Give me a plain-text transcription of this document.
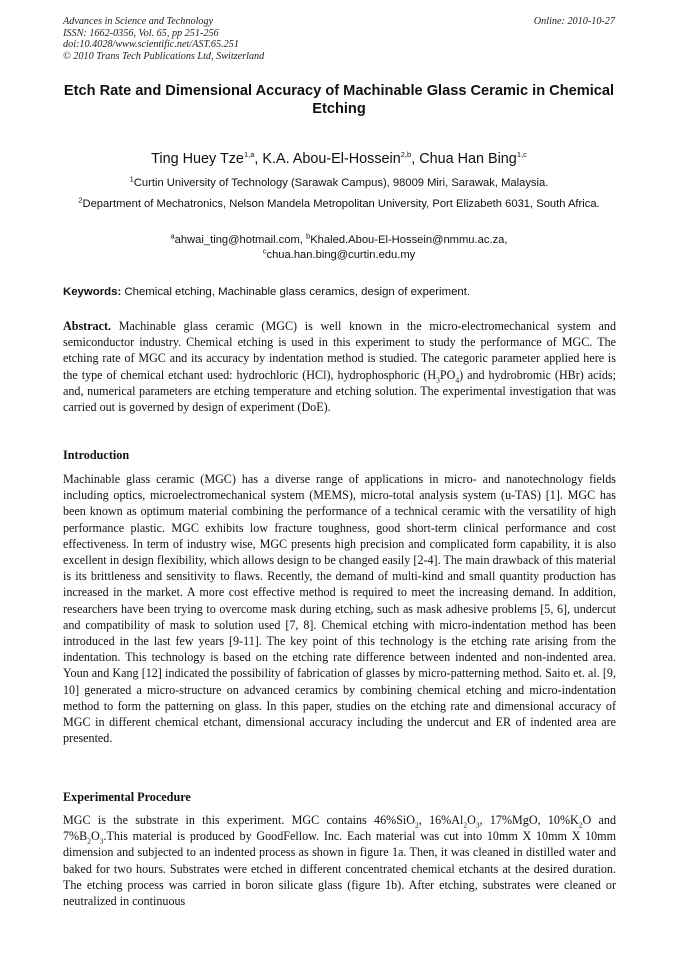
Advances in Science and Technology
ISSN: 1662-0356, Vol. 65, pp 251-256
doi:10.4028/www.scientific.net/AST.65.251
© 2010 Trans Tech Publications Ltd, Switzerland
Online: 2010-10-27
Etch Rate and Dimensional Accuracy of Machinable Glass Ceramic in Chemical Etching
Ting Huey Tze$^{1,a}$, K.A. Abou-El-Hossein$^{2,b}$, Chua Han Bing$^{1,c}$
$^1$Curtin University of Technology (Sarawak Campus), 98009 Miri, Sarawak, Malaysia.
$^2$Department of Mechatronics, Nelson Mandela Metropolitan University, Port Elizabeth 6031, South Africa.
$^a$ahwai_ting@hotmail.com, $^b$Khaled.Abou-El-Hossein@nmmu.ac.za,
$^c$chua.han.bing@curtin.edu.my
Keywords: Chemical etching, Machinable glass ceramics, design of experiment.
Abstract. Machinable glass ceramic (MGC) is well known in the micro-electromechanical system and semiconductor industry. Chemical etching is used in this experiment to study the performance of MGC. The etching rate of MGC and its accuracy by indentation method is studied. The categoric parameter applied here is the type of chemical etchant used: hydrochloric (HCl), hydrophosphoric $(H_3PO_4)$ and hydrobromic (HBr) acids; and, numerical parameters are etching temperature and etching solution. The experimental investigation that was carried out is governed by design of experiment (DoE).
Introduction
Machinable glass ceramic (MGC) has a diverse range of applications in micro- and nanotechnology fields including optics, microelectromechanical system (MEMS), micro-total analysis system (u-TAS) [1]. MGC has been known as optimum material combining the performance of a technical ceramic with the versatility of high performance plastic. MGC exhibits low fracture toughness, good short-term clinical performance and cost effectiveness. In term of industry wise, MGC presents high precision and complicated form capability, it is also excellent in design flexibility, which allows design to be changed easily [2-4]. The main drawback of this material is its brittleness and sensitivity to flaws. Recently, the demand of multi-kind and small quantity production has increased in the market. A more cost effective method is required to meet the increasing demand. In addition, researchers have been trying to overcome mask during etching, such as mask adhesive problems [5, 6], undercut and compatibility of mask to solution used [7, 8]. Chemical etching with micro-indentation method has been introduced in the last few years [9-11]. The key point of this technology is the etching rate arising from the indentation. This technology is based on the etching rate difference between indented and non-indented area. Youn and Kang [12] indicated the possibility of fabrication of glasses by micro-patterning method. Saito et. al. [9, 10] generated a micro-structure on advanced ceramics by combining chemical etching and micro-indentation method to form the patterning on glass. In this paper, studies on the etching rate and dimensional accuracy of MGC in different chemical etchant, dimensional accuracy including the undercut and ER of indented area are presented.
Experimental Procedure
MGC is the substrate in this experiment. MGC contains 46%SiO$_2$, $16\%Al_2O_3$, 17%MgO, $10\%K_2O$ and $7\%B_2O_3.This$ material is produced by GoodFellow. Inc. Each material was cut into 10mm X 10mm X 10mm dimension and subjected to an indented process as shown in figure 1a. Then, it was cleaned in distilled water and baked for two hours. Substrates were etched in different concentrated chemical etchants at the desired duration. The etching process was carried in boron silicate glass (figure 1b). After etching, substrates were cleaned or neutralized in continuous
